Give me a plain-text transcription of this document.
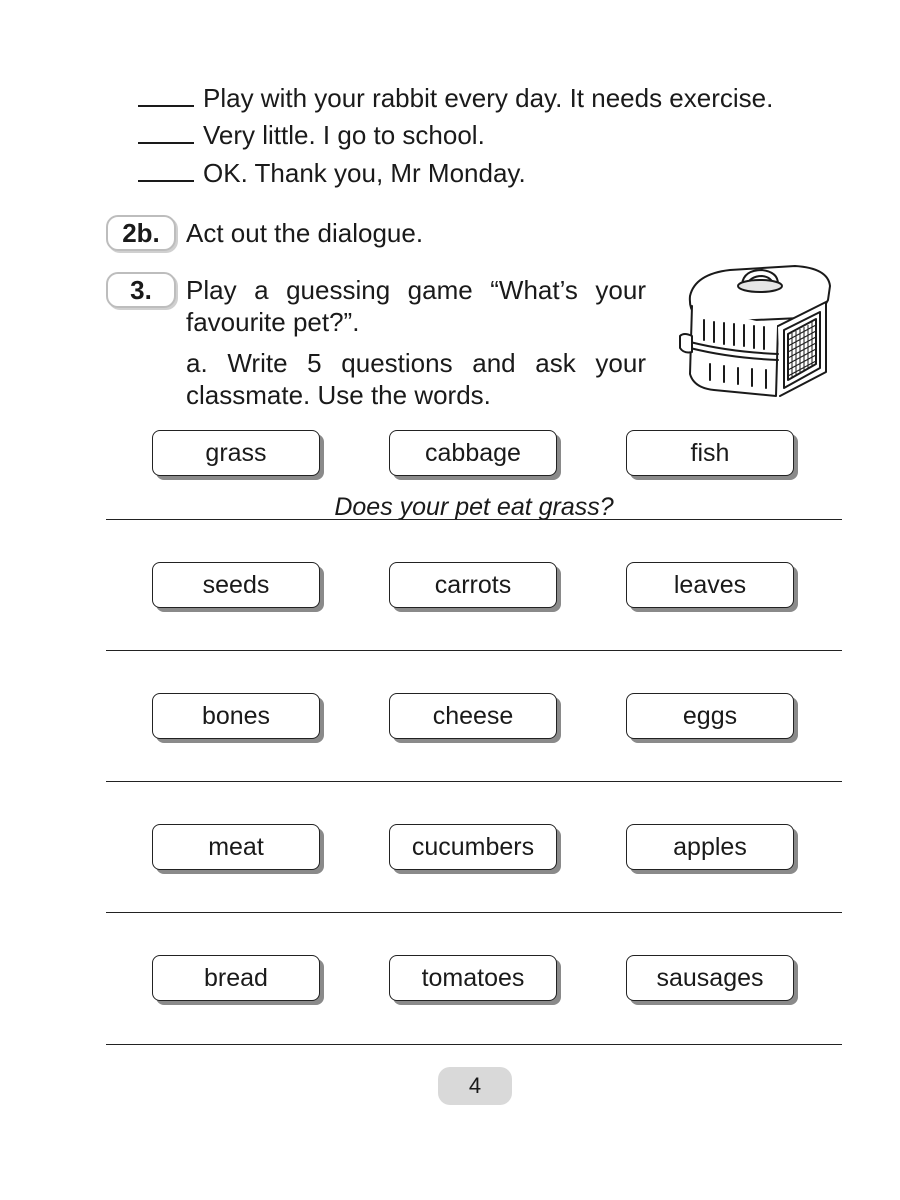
Play with your rabbit every day. It needs exercise.
Very little. I go to school.
OK. Thank you, Mr Monday.
2b.	Act out the dialogue.
3.	Play a guessing game “What’s your
favourite pet?”.
a. Write 5 questions and ask your
classmate. Use the words.
grass	cabbage	fish
Does your pet eat grass?
seeds	carrots	leaves
bones	cheese	eggs
meat	cucumbers	apples
bread	tomatoes	sausages
4
